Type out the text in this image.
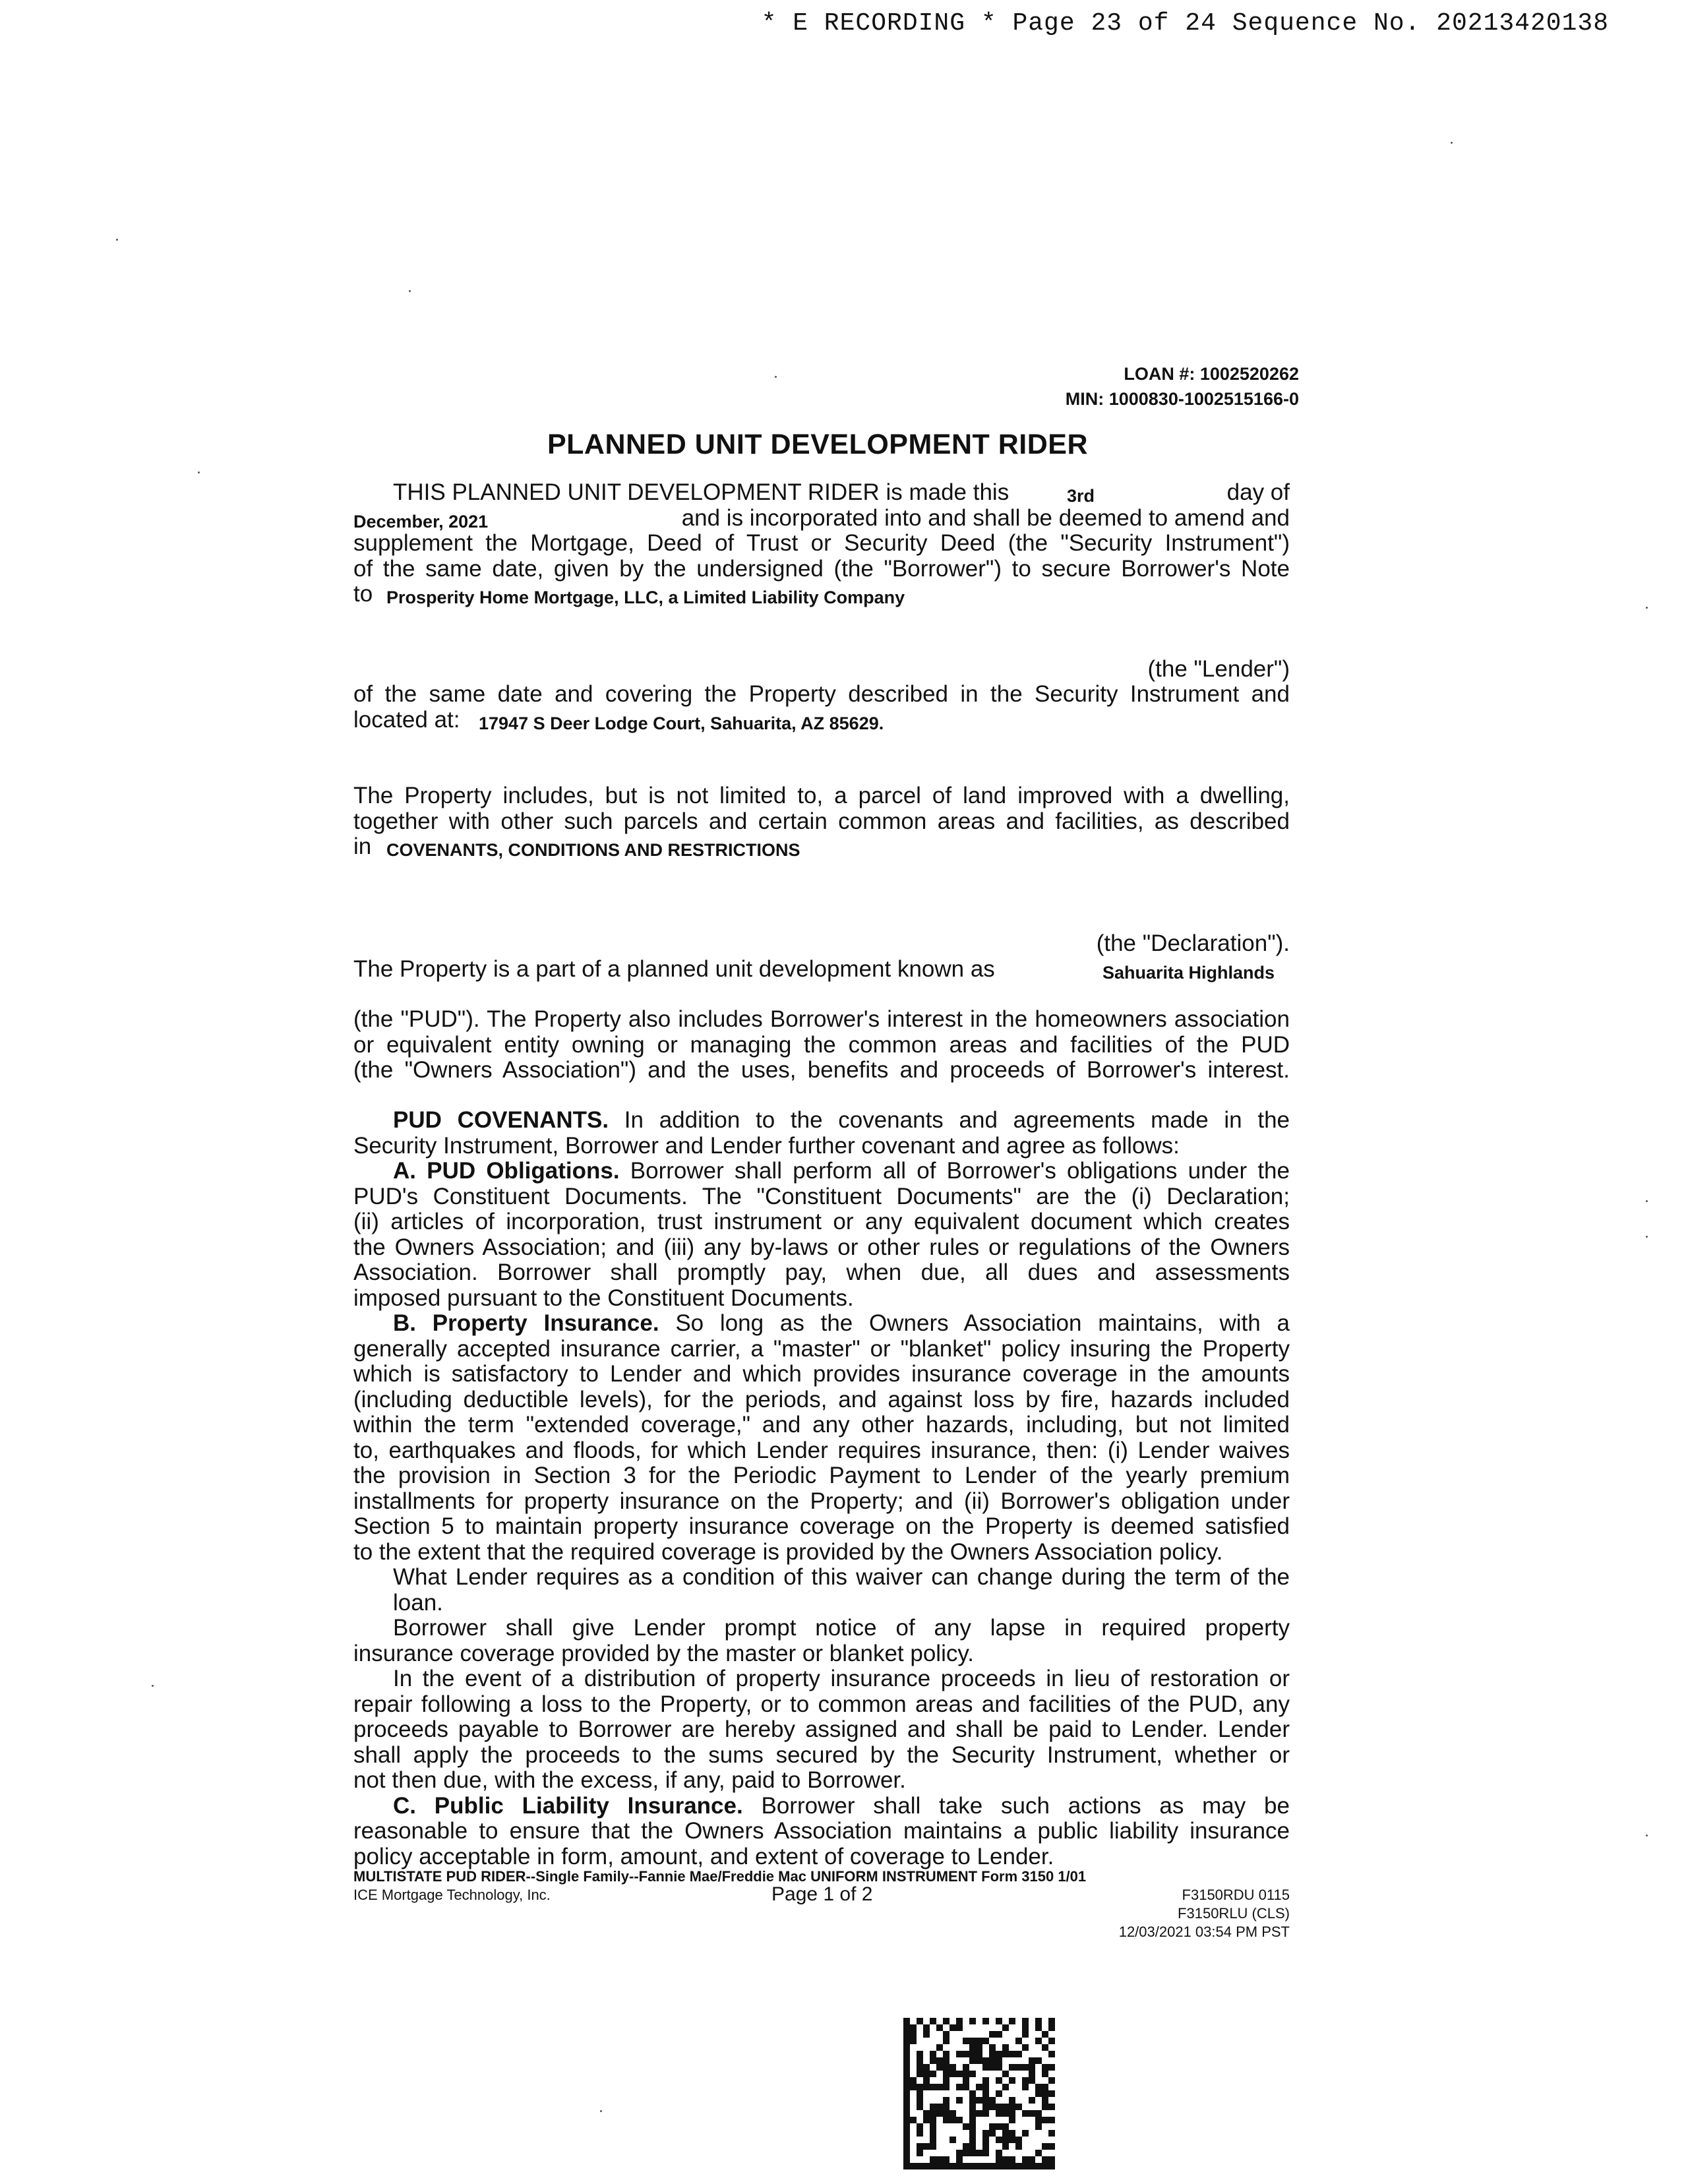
* E RECORDING * Page 23 of 24 Sequence No. 20213420138
LOAN #: 1002520262
MIN: 1000830-1002515166-0
PLANNED UNIT DEVELOPMENT RIDER
THIS PLANNED UNIT DEVELOPMENT RIDER is made this	3rd	day of
December, 2021	and is incorporated into and shall be deemed to amend and
supplement the Mortgage, Deed of Trust or Security Deed (the "Security Instrument")
of the same date, given by the undersigned (the "Borrower") to secure Borrower's Note
to Prosperity Home Mortgage, LLC, a Limited Liability Company
(the "Lender")
of the same date and covering the Property described in the Security Instrument and
located at: 17947 S Deer Lodge Court, Sahuarita, AZ 85629.
The Property includes, but is not limited to, a parcel of land improved with a dwelling,
together with other such parcels and certain common areas and facilities, as described
in COVENANTS, CONDITIONS AND RESTRICTIONS
(the "Declaration").
The Property is a part of a planned unit development known as	Sahuarita Highlands
(the "PUD"). The Property also includes Borrower's interest in the homeowners association
or equivalent entity owning or managing the common areas and facilities of the PUD
(the "Owners Association") and the uses, benefits and proceeds of Borrower's interest.
PUD COVENANTS. In addition to the covenants and agreements made in the
Security Instrument, Borrower and Lender further covenant and agree as follows:
A. PUD Obligations. Borrower shall perform all of Borrower's obligations under the
PUD's Constituent Documents. The "Constituent Documents" are the (i) Declaration;
(ii) articles of incorporation, trust instrument or any equivalent document which creates
the Owners Association; and (iii) any by-laws or other rules or regulations of the Owners
Association. Borrower shall promptly pay, when due, all dues and assessments
imposed pursuant to the Constituent Documents.
B. Property Insurance. So long as the Owners Association maintains, with a
generally accepted insurance carrier, a "master" or "blanket" policy insuring the Property
which is satisfactory to Lender and which provides insurance coverage in the amounts
(including deductible levels), for the periods, and against loss by fire, hazards included
within the term "extended coverage," and any other hazards, including, but not limited
to, earthquakes and floods, for which Lender requires insurance, then: (i) Lender waives
the provision in Section 3 for the Periodic Payment to Lender of the yearly premium
installments for property insurance on the Property; and (ii) Borrower's obligation under
Section 5 to maintain property insurance coverage on the Property is deemed satisfied
to the extent that the required coverage is provided by the Owners Association policy.
What Lender requires as a condition of this waiver can change during the term of the loan.
Borrower shall give Lender prompt notice of any lapse in required property
insurance coverage provided by the master or blanket policy.
In the event of a distribution of property insurance proceeds in lieu of restoration or
repair following a loss to the Property, or to common areas and facilities of the PUD, any
proceeds payable to Borrower are hereby assigned and shall be paid to Lender. Lender
shall apply the proceeds to the sums secured by the Security Instrument, whether or
not then due, with the excess, if any, paid to Borrower.
C. Public Liability Insurance. Borrower shall take such actions as may be
reasonable to ensure that the Owners Association maintains a public liability insurance
policy acceptable in form, amount, and extent of coverage to Lender.
MULTISTATE PUD RIDER--Single Family--Fannie Mae/Freddie Mac UNIFORM INSTRUMENT Form 3150 1/01
ICE Mortgage Technology, Inc.	Page 1 of 2	F3150RDU 0115
F3150RLU (CLS)
12/03/2021 03:54 PM PST
